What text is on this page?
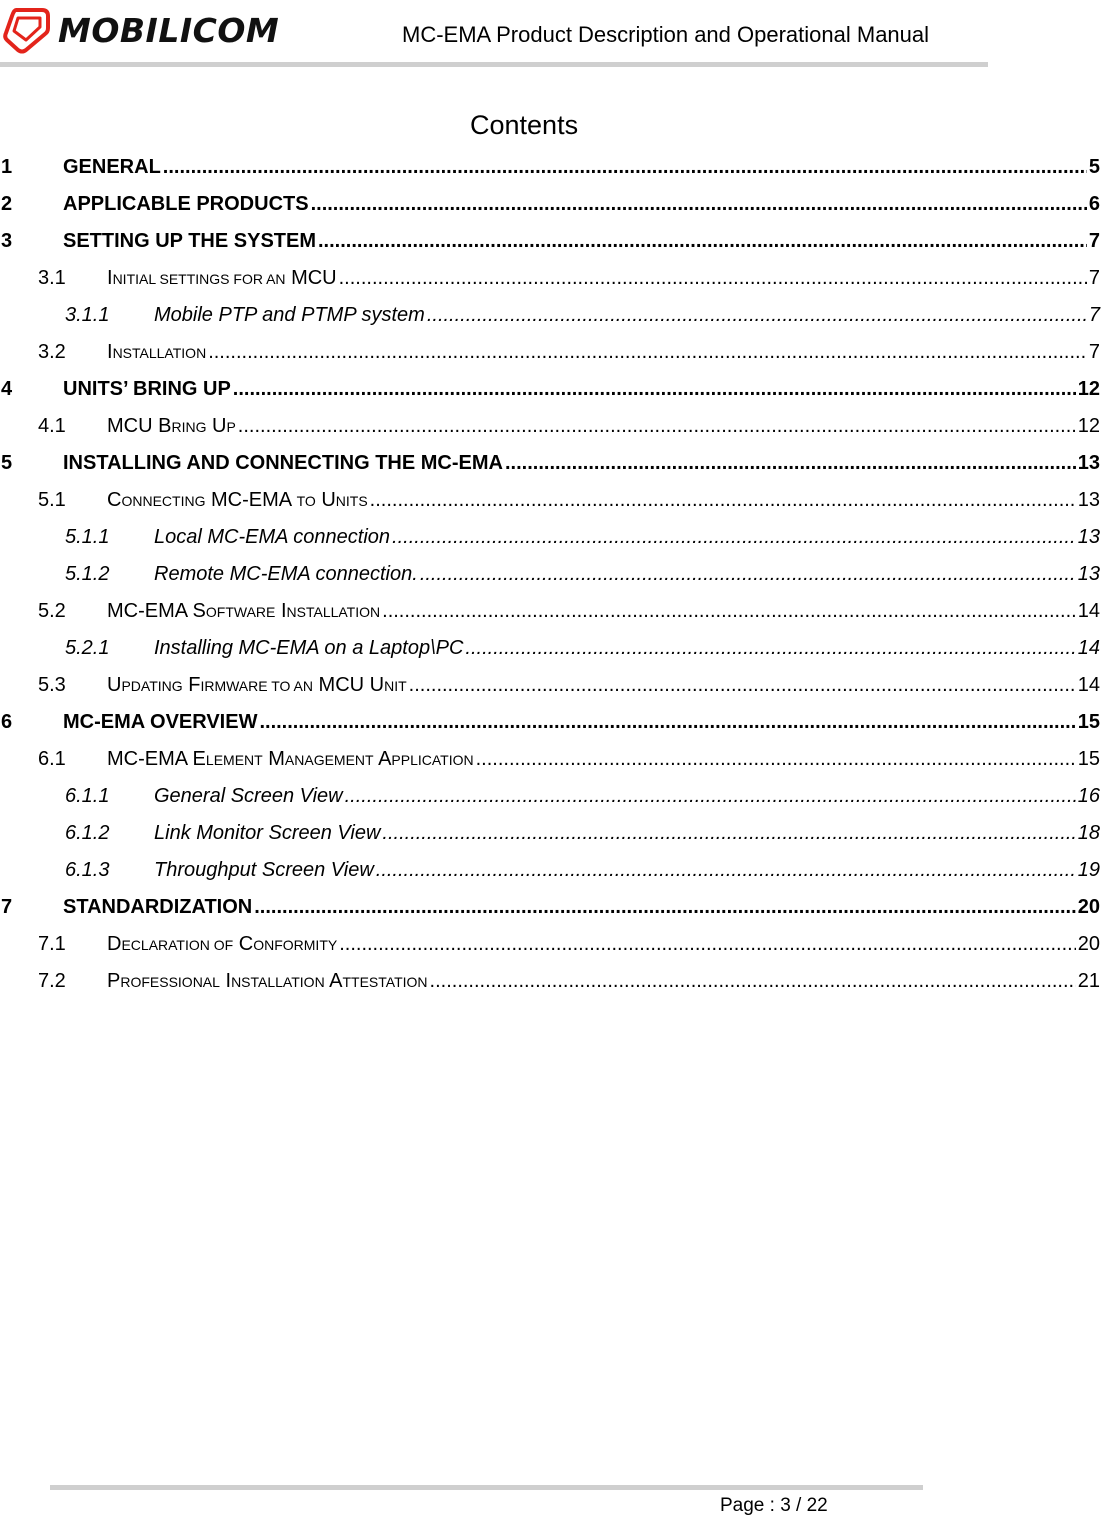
MOBILICOM	MC-EMA Product Description and Operational Manual
Contents
1	GENERAL .....	5
2	APPLICABLE PRODUCTS .....	6
3	SETTING UP THE SYSTEM .....	7
3.1 INITIAL SETTINGS FOR AN MCU .....	7
3.1.1 Mobile PTP and PTMP system .....	7
3.2 INSTALLATION .....	7
4	UNITS’ BRING UP .....	12
4.1 MCU BRING UP .....	12
5	INSTALLING AND CONNECTING THE MC-EMA .....	13
5.1 CONNECTING MC-EMA TO UNITS .....	13
5.1.1 Local MC-EMA connection .....	13
5.1.2 Remote MC-EMA connection. .....	13
5.2 MC-EMA SOFTWARE INSTALLATION .....	14
5.2.1 Installing MC-EMA on a Laptop\PC .....	14
5.3 UPDATING FIRMWARE TO AN MCU UNIT .....	14
6	MC-EMA OVERVIEW .....	15
6.1 MC-EMA ELEMENT MANAGEMENT APPLICATION .....	15
6.1.1 General Screen View .....	16
6.1.2 Link Monitor Screen View .....	18
6.1.3 Throughput Screen View .....	19
7	STANDARDIZATION .....	20
7.1 DECLARATION OF CONFORMITY .....	20
7.2 PROFESSIONAL INSTALLATION ATTESTATION .....	21
Page : 3 / 22
